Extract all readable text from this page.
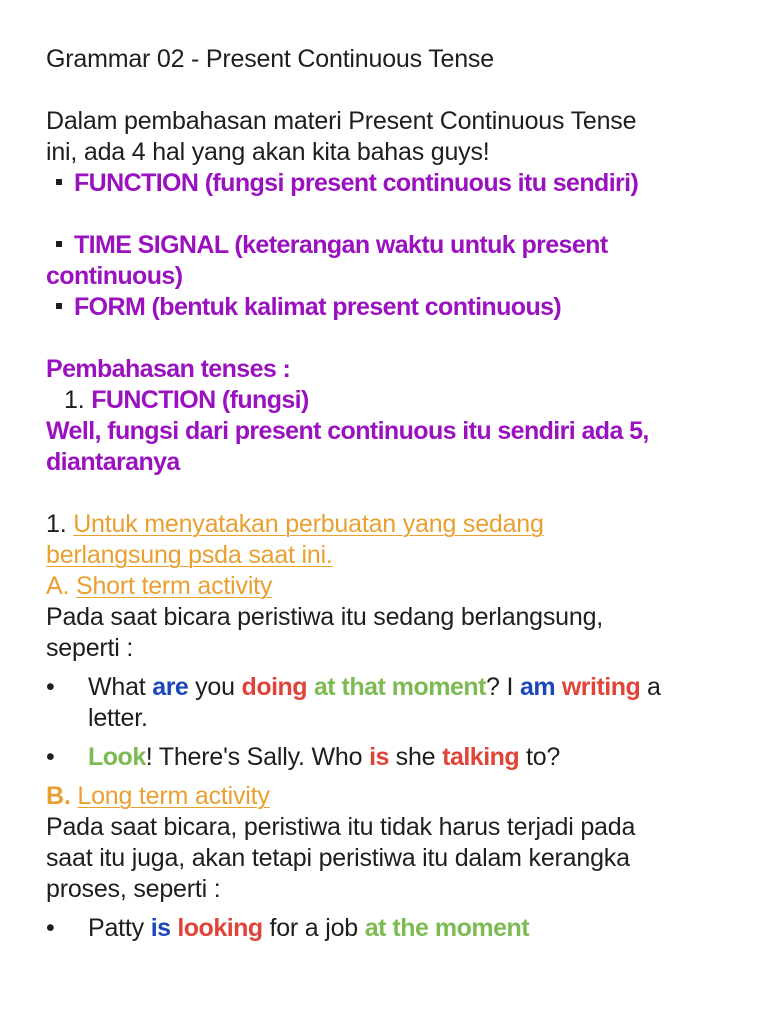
Grammar 02 - Present Continuous Tense
Dalam pembahasan materi Present Continuous Tense
ini, ada 4 hal yang akan kita bahas guys!
FUNCTION (fungsi present continuous itu sendiri)
TIME SIGNAL (keterangan waktu untuk present
continuous)
FORM (bentuk kalimat present continuous)
Pembahasan tenses :
1. FUNCTION (fungsi)
Well, fungsi dari present continuous itu sendiri ada 5,
diantaranya
1. Untuk menyatakan perbuatan yang sedang
berlangsung psda saat ini.
A. Short term activity
Pada saat bicara peristiwa itu sedang berlangsung,
seperti :
• What are you doing at that moment? I am writing a
letter.
• Look! There's Sally. Who is she talking to?
B. Long term activity
Pada saat bicara, peristiwa itu tidak harus terjadi pada
saat itu juga, akan tetapi peristiwa itu dalam kerangka
proses, seperti :
• Patty is looking for a job at the moment
